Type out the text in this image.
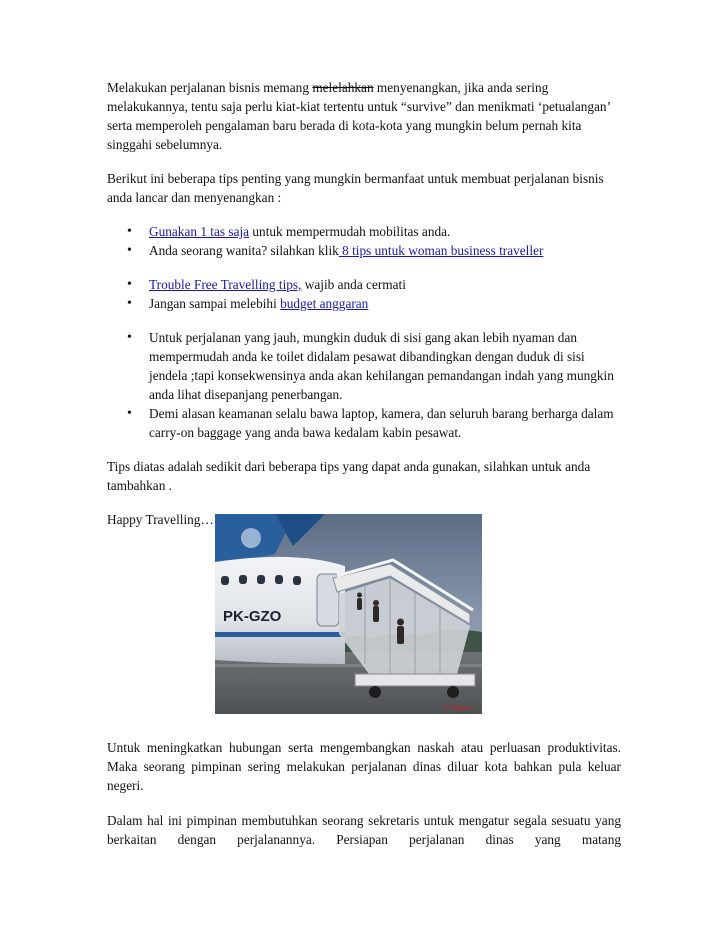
Melakukan perjalanan bisnis memang melelahkan menyenangkan, jika anda sering melakukannya, tentu saja perlu kiat-kiat tertentu untuk “survive” dan menikmati ‘petualangan’ serta memperoleh pengalaman baru berada di kota-kota yang mungkin belum pernah kita singgahi sebelumnya.

Berikut ini beberapa tips penting yang mungkin bermanfaat untuk membuat perjalanan bisnis anda lancar dan menyenangkan :

• Gunakan 1 tas saja untuk mempermudah mobilitas anda.
• Anda seorang wanita? silahkan klik 8 tips untuk woman business traveller
• Trouble Free Travelling tips, wajib anda cermati
• Jangan sampai melebihi budget anggaran
• Untuk perjalanan yang jauh, mungkin duduk di sisi gang akan lebih nyaman dan mempermudah anda ke toilet didalam pesawat dibandingkan dengan duduk di sisi jendela ;tapi konsekwensinya anda akan kehilangan pemandangan indah yang mungkin anda lihat disepanjang penerbangan.
• Demi alasan keamanan selalu bawa laptop, kamera, dan seluruh barang berharga dalam carry-on baggage yang anda bawa kedalam kabin pesawat.

Tips diatas adalah sedikit dari beberapa tips yang dapat anda gunakan, silahkan untuk anda tambahkan .

Happy Travelling…

PK-GZO
© baltyra

Untuk meningkatkan hubungan serta mengembangkan naskah atau perluasan produktivitas. Maka seorang pimpinan sering melakukan perjalanan dinas diluar kota bahkan pula keluar negeri.

Dalam hal ini pimpinan membutuhkan seorang sekretaris untuk mengatur segala sesuatu yang berkaitan dengan perjalanannya. Persiapan perjalanan dinas yang matang
